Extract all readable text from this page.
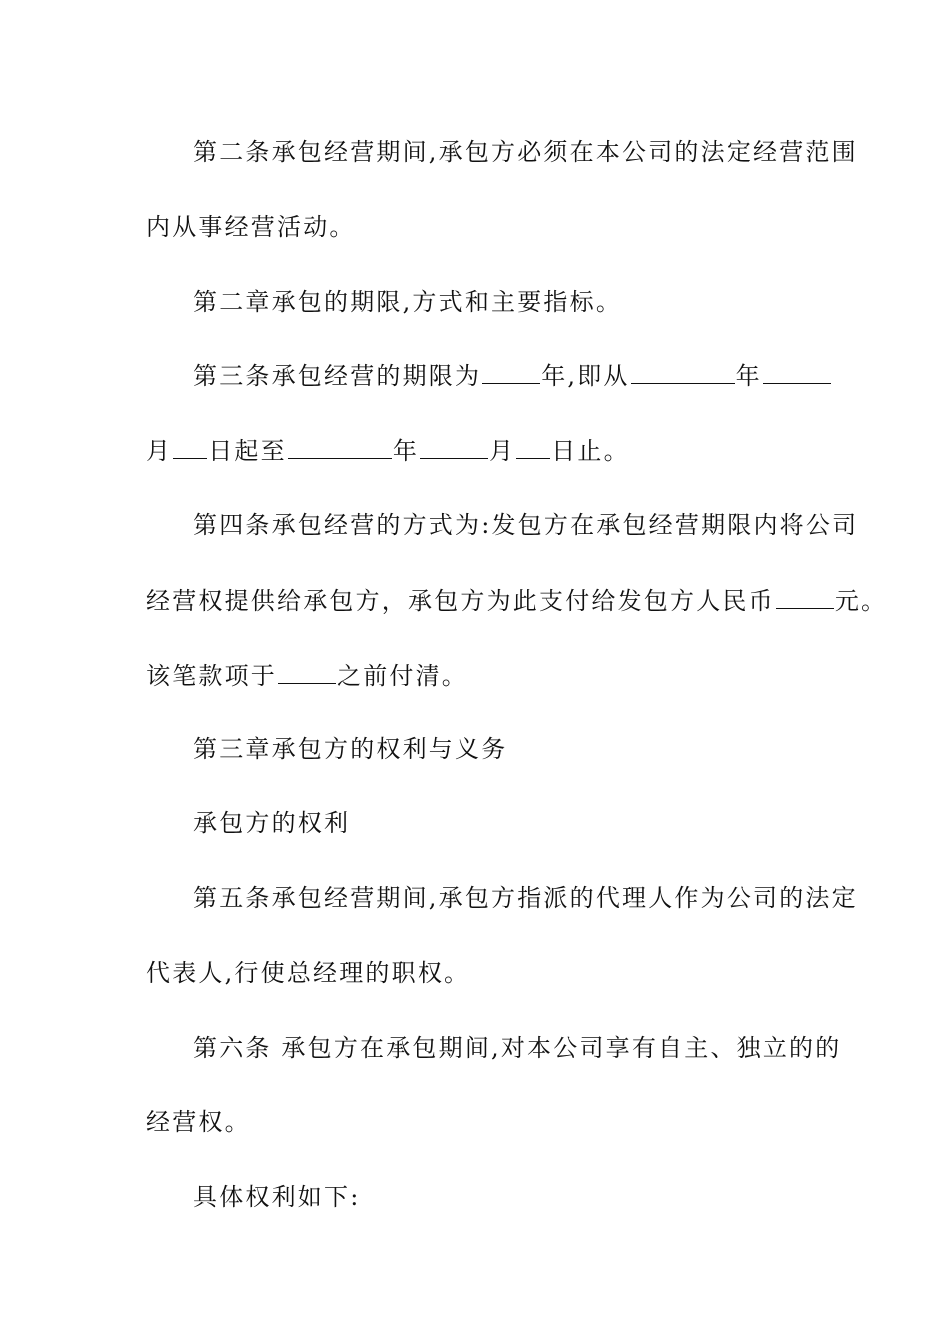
第二条承包经营期间,承包方必须在本公司的法定经营范围
内从事经营活动。
第二章承包的期限,方式和主要指标。
第三条承包经营的期限为	年,即从	年
月 日起至	年	月 日止。
第四条承包经营的方式为:发包方在承包经营期限内将公司
经营权提供给承包方，承包方为此支付给发包方人民币	元。
该笔款项于	之前付清。
第三章承包方的权利与义务
承包方的权利
第五条承包经营期间,承包方指派的代理人作为公司的法定
代表人,行使总经理的职权。
第六条 承包方在承包期间,对本公司享有自主、独立的的
经营权。
具体权利如下:
